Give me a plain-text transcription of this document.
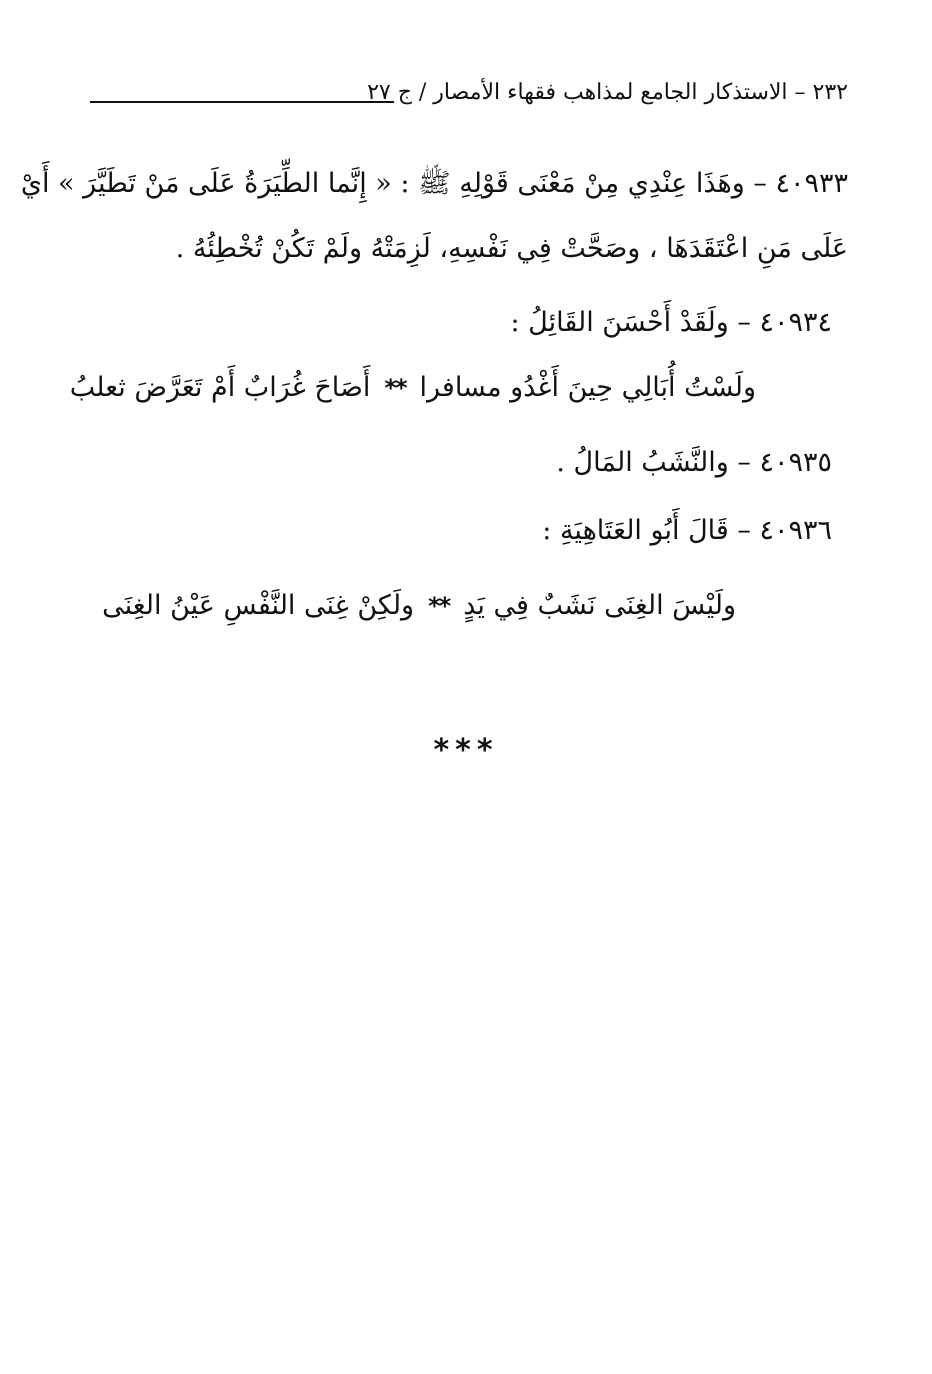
٢٣٢ – الاستذكار الجامع لمذاهب فقهاء الأمصار / ج ٢٧
٤٠٩٣٣ – وهَذَا عِنْدِي مِنْ مَعْنَى قَوْلِهِ ﷺ : « إِنَّما الطِّيَرَةُ عَلَى مَنْ تَطَيَّرَ » أَيْ
عَلَى مَنِ اعْتَقَدَهَا ، وصَحَّتْ فِي نَفْسِهِ، لَزِمَتْهُ ولَمْ تَكُنْ تُخْطِئُهُ .
٤٠٩٣٤ – ولَقَدْ أَحْسَنَ القَائِلُ :
ولَسْتُ أُبَالِي حِينَ أَغْدُو مسافرا
**
أَصَاحَ غُرَابٌ أَمْ تَعَرَّضَ ثعلبُ
٤٠٩٣٥ – والنَّشَبُ المَالُ .
٤٠٩٣٦ – قَالَ أَبُو العَتَاهِيَةِ :
ولَيْسَ الغِنَى نَشَبٌ فِي يَدٍ
**
ولَكِنْ غِنَى النَّفْسِ عَيْنُ الغِنَى
***
